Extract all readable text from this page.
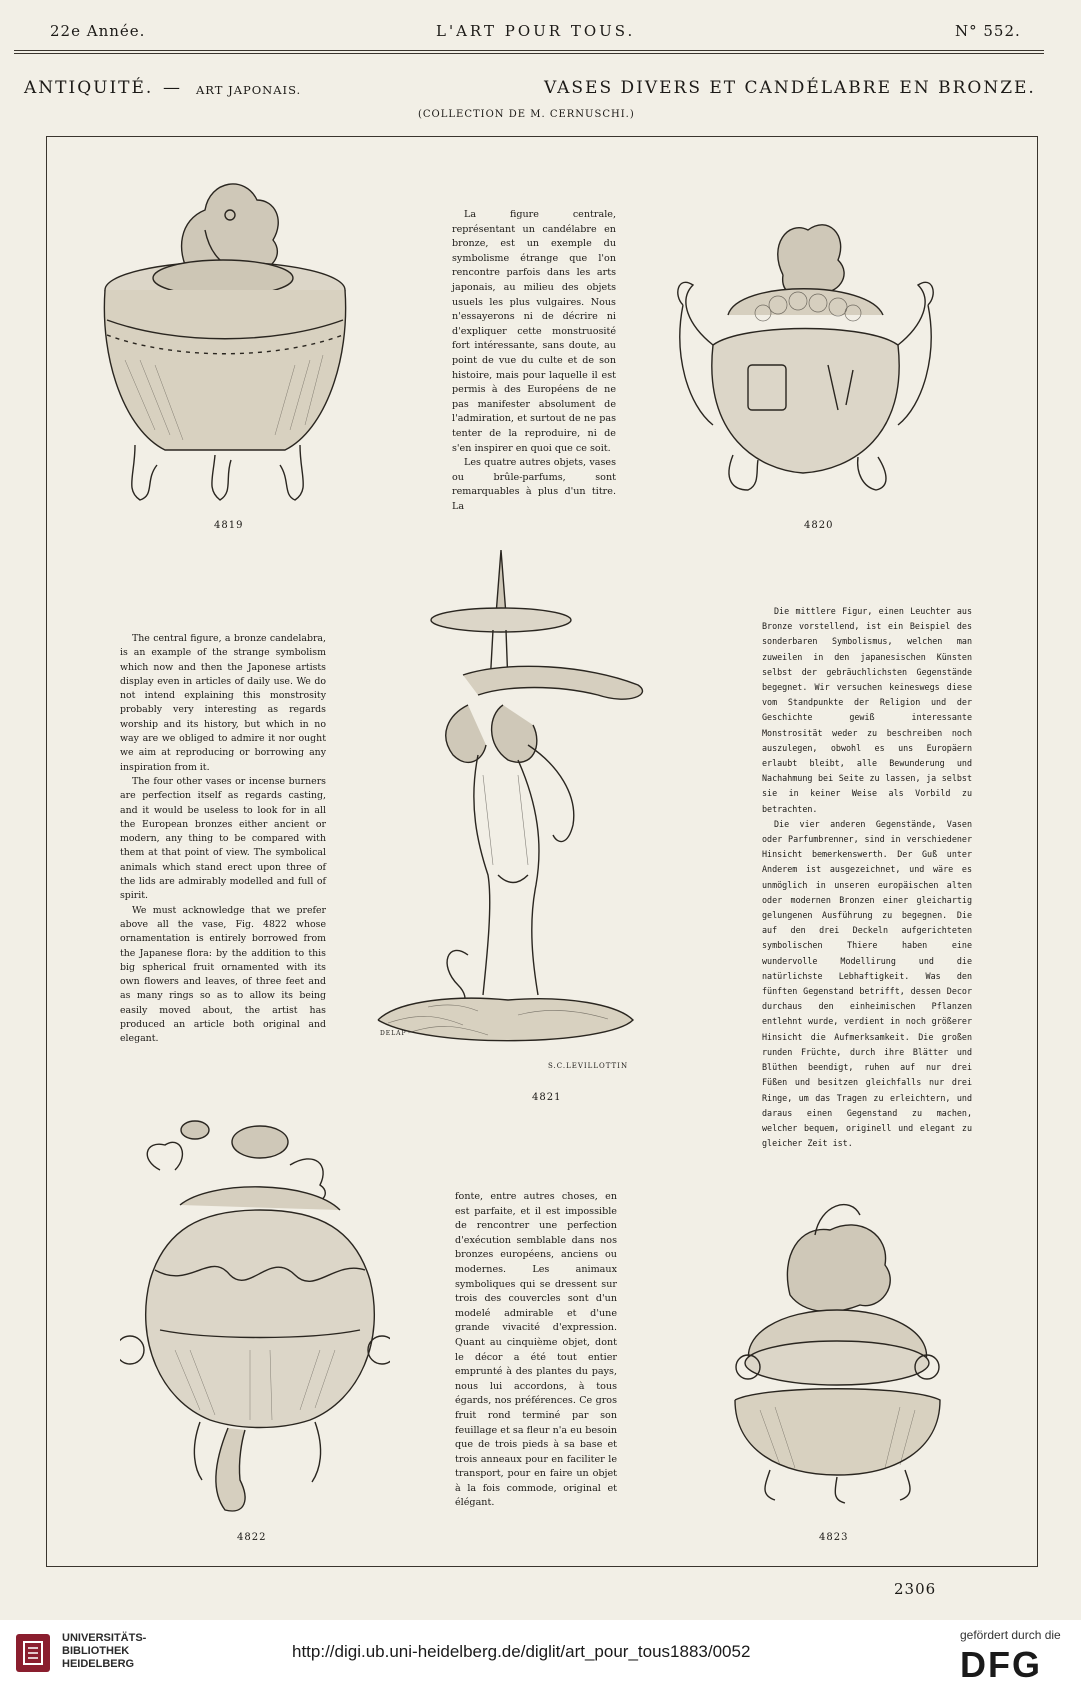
22e Année.	L'ART POUR TOUS.	N° 552.
ANTIQUITÉ. — ART JAPONAIS.	VASES DIVERS ET CANDÉLABRE EN BRONZE.
(COLLECTION DE M. CERNUSCHI.)
4819

La figure centrale, représentant un candélabre en bronze, est un exemple du symbolisme étrange que l'on rencontre parfois dans les arts japonais, au milieu des objets usuels les plus vulgaires. Nous n'essayerons ni de décrire ni d'expliquer cette monstruosité fort intéressante, sans doute, au point de vue du culte et de son histoire, mais pour laquelle il est permis à des Européens de ne pas manifester absolument de l'admiration, et surtout de ne pas tenter de la reproduire, ni de s'en inspirer en quoi que ce soit.

Les quatre autres objets, vases ou brûle-parfums, sont remarquables à plus d'un titre. La

4820

The central figure, a bronze candelabra, is an example of the strange symbolism which now and then the Japonese artists display even in articles of daily use. We do not intend explaining this monstrosity probably very interesting as regards worship and its history, but which in no way are we obliged to admire it nor ought we aim at reproducing or borrowing any inspiration from it.

The four other vases or incense burners are perfection itself as regards casting, and it would be useless to look for in all the European bronzes either ancient or modern, any thing to be compared with them at that point of view. The symbolical animals which stand erect upon three of the lids are admirably modelled and full of spirit.

We must acknowledge that we prefer above all the vase, Fig. 4822 whose ornamentation is entirely borrowed from the Japanese flora: by the addition to this big spherical fruit ornamented with its own flowers and leaves, of three feet and as many rings so as to allow its being easily moved about, the artist has produced an article both original and elegant.	DELAP
S.C.LEVILLOTTIN
4821

Die mittlere Figur, einen Leuchter aus Bronze vorstellend, ist ein Beispiel des sonderbaren Symbolismus, welchen man zuweilen in den japanesischen Künsten selbst der gebräuchlichsten Gegenstände begegnet. Wir versuchen keineswegs diese vom Standpunkte der Religion und der Geschichte gewiß interessante Monstrosität weder zu beschreiben noch auszulegen, obwohl es uns Europäern erlaubt bleibt, alle Bewunderung und Nachahmung bei Seite zu lassen, ja selbst sie in keiner Weise als Vorbild zu betrachten.

Die vier anderen Gegenstände, Vasen oder Parfumbrenner, sind in verschiedener Hinsicht bemerkenswerth. Der Guß unter Anderem ist ausgezeichnet, und wäre es unmöglich in unseren europäischen alten oder modernen Bronzen einer gleichartig gelungenen Ausführung zu begegnen. Die auf den drei Deckeln aufgerichteten symbolischen Thiere haben eine wundervolle Modellirung und die natürlichste Lebhaftigkeit. Was den fünften Gegenstand betrifft, dessen Decor durchaus den einheimischen Pflanzen entlehnt wurde, verdient in noch größerer Hinsicht die Aufmerksamkeit. Die großen runden Früchte, durch ihre Blätter und Blüthen beendigt, ruhen auf nur drei Füßen und besitzen gleichfalls nur drei Ringe, um das Tragen zu erleichtern, und daraus einen Gegenstand zu machen, welcher bequem, originell und elegant zu gleicher Zeit ist.

4822

fonte, entre autres choses, en est parfaite, et il est impossible de rencontrer une perfection d'exécution semblable dans nos bronzes européens, anciens ou modernes. Les animaux symboliques qui se dressent sur trois des couvercles sont d'un modelé admirable et d'une grande vivacité d'expression. Quant au cinquième objet, dont le décor a été tout entier emprunté à des plantes du pays, nous lui accordons, à tous égards, nos préférences. Ce gros fruit rond terminé par son feuillage et sa fleur n'a eu besoin que de trois pieds à sa base et trois anneaux pour en faciliter le transport, pour en faire un objet à la fois commode, original et élégant.

4823
2306
UNIVERSITÄTS-
BIBLIOTHEK
HEIDELBERG
http://digi.ub.uni-heidelberg.de/diglit/art_pour_tous1883/0052
gefördert durch die
DFG
